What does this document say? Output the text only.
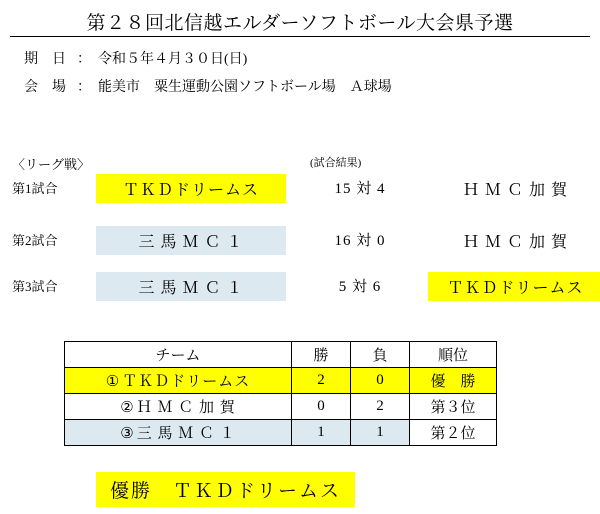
第２８回北信越エルダーソフトボール大会県予選
期　日 ： 令和５年４月３０日(日)
会　場 ： 能美市　粟生運動公園ソフトボール場　Ａ球場
〈リーグ戦〉	(試合結果)
第1試合	ＴＫＤドリームス	15 対 4	Ｈ Ｍ Ｃ 加 賀
第2試合	三 馬 Ｍ Ｃ １	16 対 0	Ｈ Ｍ Ｃ 加 賀
第3試合	三 馬 Ｍ Ｃ １	5 対 6	ＴＫＤドリームス
チーム	勝	負	順位
① ＴＫＤドリームス	2	0	優　勝
② Ｈ Ｍ Ｃ 加 賀	0	2	第３位
③ 三 馬 Ｍ Ｃ １	1	1	第２位
優勝　ＴＫＤドリームス
